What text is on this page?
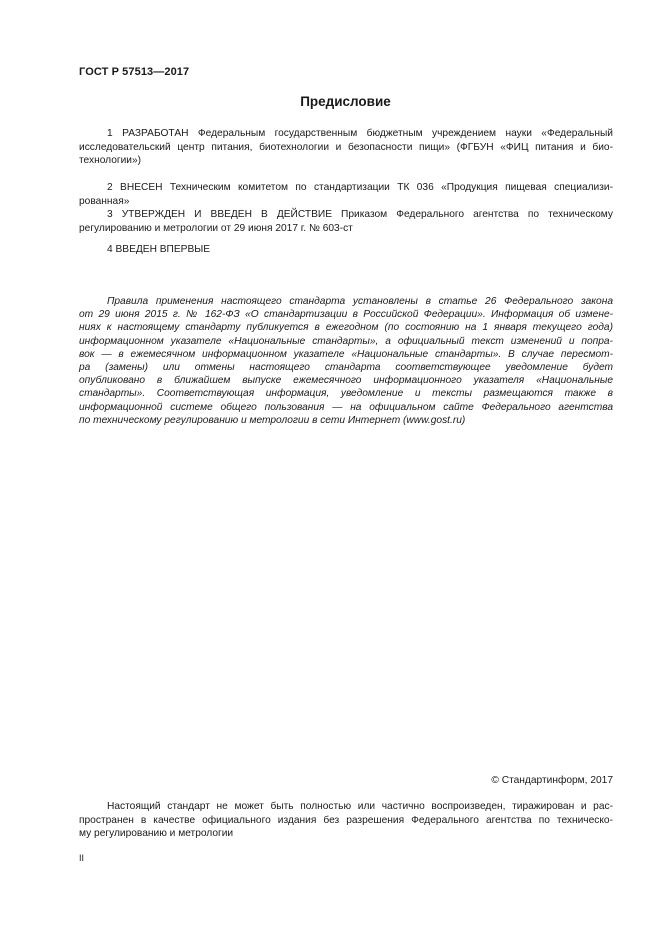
ГОСТ Р 57513—2017
Предисловие
1 РАЗРАБОТАН Федеральным государственным бюджетным учреждением науки «Федеральный
исследовательский центр питания, биотехнологии и безопасности пищи» (ФГБУН «ФИЦ питания и био-
технологии»)
2 ВНЕСЕН Техническим комитетом по стандартизации ТК 036 «Продукция пищевая специализи-
рованная»
3 УТВЕРЖДЕН И ВВЕДЕН В ДЕЙСТВИЕ Приказом Федерального агентства по техническому
регулированию и метрологии от 29 июня 2017 г. № 603-ст
4 ВВЕДЕН ВПЕРВЫЕ
Правила применения настоящего стандарта установлены в статье 26 Федерального закона
от 29 июня 2015 г. № 162-ФЗ «О стандартизации в Российской Федерации». Информация об измене-
ниях к настоящему стандарту публикуется в ежегодном (по состоянию на 1 января текущего года)
информационном указателе «Национальные стандарты», а официальный текст изменений и попра-
вок — в ежемесячном информационном указателе «Национальные стандарты». В случае пересмот-
ра (замены) или отмены настоящего стандарта соответствующее уведомление будет
опубликовано в ближайшем выпуске ежемесячного информационного указателя «Национальные
стандарты». Соответствующая информация, уведомление и тексты размещаются также в
информационной системе общего пользования — на официальном сайте Федерального агентства
по техническому регулированию и метрологии в сети Интернет (www.gost.ru)
© Стандартинформ, 2017
Настоящий стандарт не может быть полностью или частично воспроизведен, тиражирован и рас-
пространен в качестве официального издания без разрешения Федерального агентства по техническо-
му регулированию и метрологии
II
